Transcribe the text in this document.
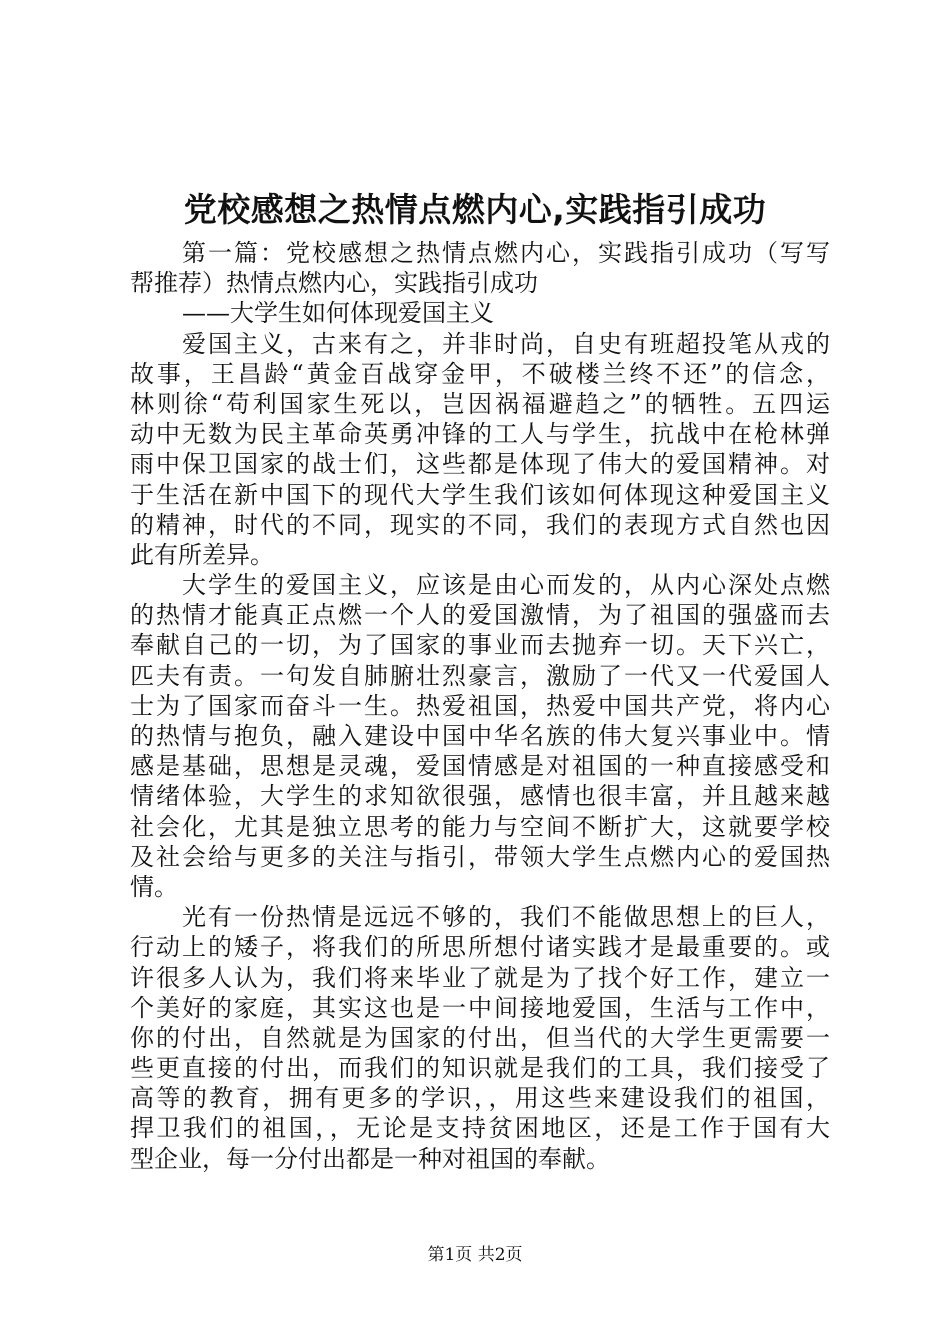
党校感想之热情点燃内心,实践指引成功
第一篇：党校感想之热情点燃内心，实践指引成功（写写
帮推荐）热情点燃内心，实践指引成功
——大学生如何体现爱国主义
爱国主义，古来有之，并非时尚，自史有班超投笔从戎的
故事，王昌龄“黄金百战穿金甲，不破楼兰终不还”的信念，
林则徐“苟利国家生死以，岂因祸福避趋之”的牺牲。五四运
动中无数为民主革命英勇冲锋的工人与学生，抗战中在枪林弹
雨中保卫国家的战士们，这些都是体现了伟大的爱国精神。对
于生活在新中国下的现代大学生我们该如何体现这种爱国主义
的精神，时代的不同，现实的不同，我们的表现方式自然也因
此有所差异。
大学生的爱国主义，应该是由心而发的，从内心深处点燃
的热情才能真正点燃一个人的爱国激情，为了祖国的强盛而去
奉献自己的一切，为了国家的事业而去抛弃一切。天下兴亡，
匹夫有责。一句发自肺腑壮烈豪言，激励了一代又一代爱国人
士为了国家而奋斗一生。热爱祖国，热爱中国共产党，将内心
的热情与抱负，融入建设中国中华名族的伟大复兴事业中。情
感是基础，思想是灵魂，爱国情感是对祖国的一种直接感受和
情绪体验，大学生的求知欲很强，感情也很丰富，并且越来越
社会化，尤其是独立思考的能力与空间不断扩大，这就要学校
及社会给与更多的关注与指引，带领大学生点燃内心的爱国热
情。
光有一份热情是远远不够的，我们不能做思想上的巨人，
行动上的矮子，将我们的所思所想付诸实践才是最重要的。或
许很多人认为，我们将来毕业了就是为了找个好工作，建立一
个美好的家庭，其实这也是一中间接地爱国，生活与工作中，
你的付出，自然就是为国家的付出，但当代的大学生更需要一
些更直接的付出，而我们的知识就是我们的工具，我们接受了
高等的教育，拥有更多的学识，，用这些来建设我们的祖国，
捍卫我们的祖国，，无论是支持贫困地区，还是工作于国有大
型企业，每一分付出都是一种对祖国的奉献。
第1页 共2页
